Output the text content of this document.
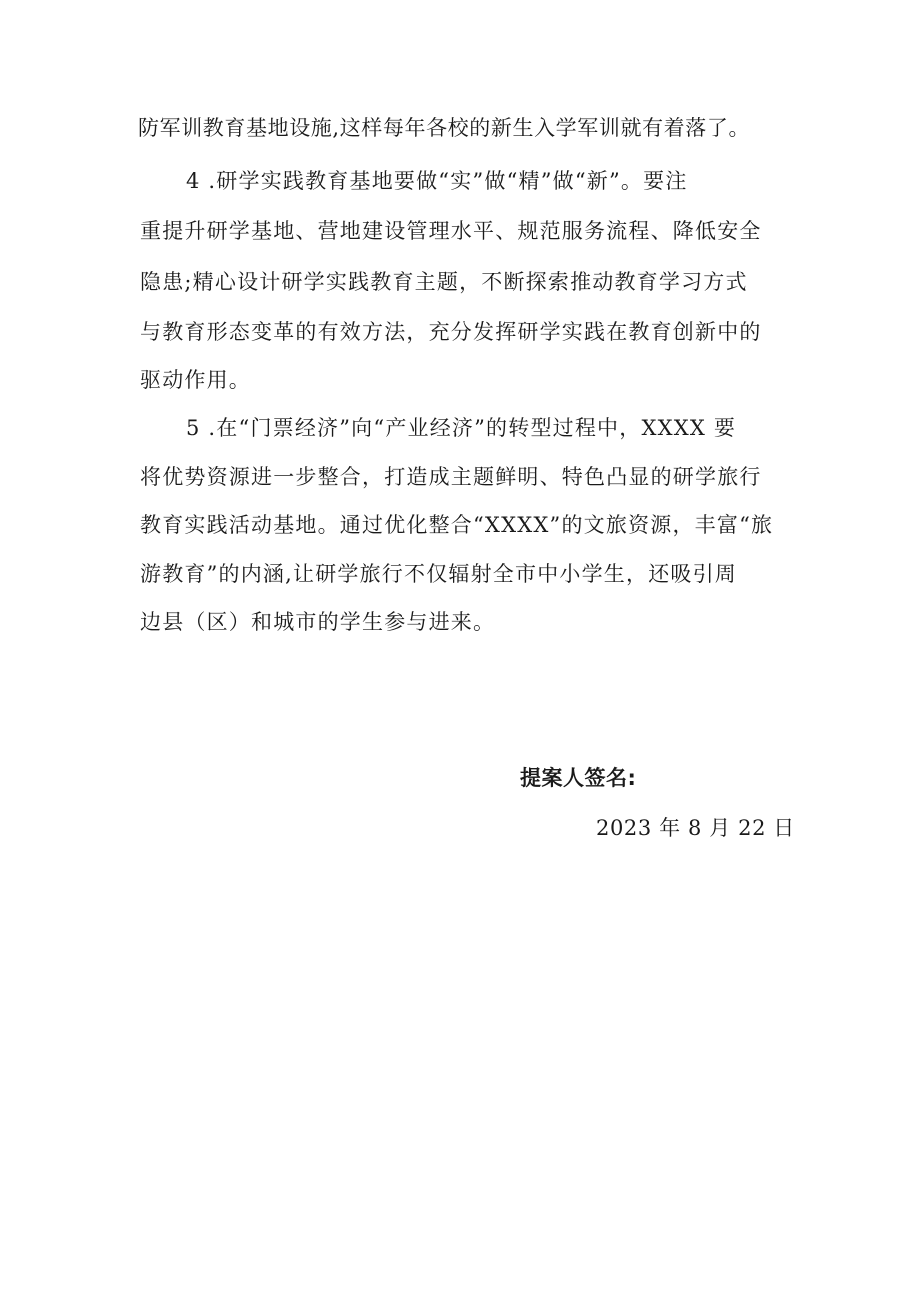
防军训教育基地设施,这样每年各校的新生入学军训就有着落了。
4 .研学实践教育基地要做“实”做“精”做“新”。要注
重提升研学基地、营地建设管理水平、规范服务流程、降低安全
隐患;精心设计研学实践教育主题，不断探索推动教育学习方式
与教育形态变革的有效方法，充分发挥研学实践在教育创新中的
驱动作用。
5 .在“门票经济”向“产业经济”的转型过程中，XXXX 要
将优势资源进一步整合，打造成主题鲜明、特色凸显的研学旅行
教育实践活动基地。通过优化整合“XXXX”的文旅资源，丰富“旅
游教育”的内涵,让研学旅行不仅辐射全市中小学生，还吸引周
边县（区）和城市的学生参与进来。
提案人签名:
2023 年 8 月 22 日
